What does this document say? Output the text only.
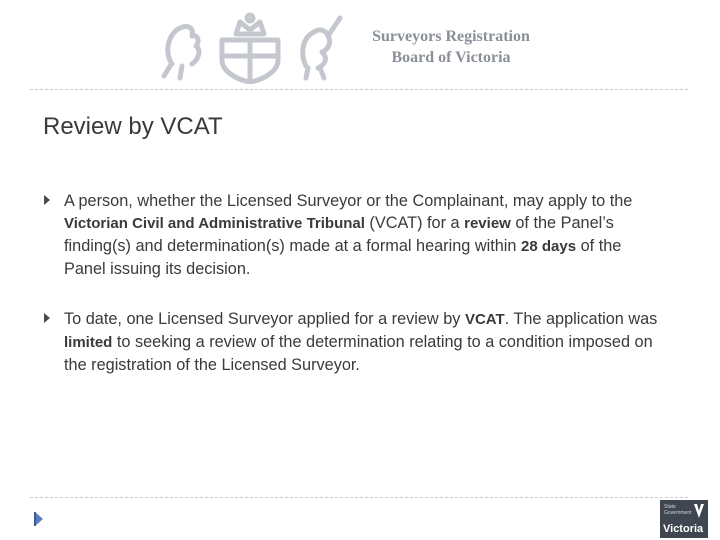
Surveyors Registration
Board of Victoria
Review by VCAT

A person, whether the Licensed Surveyor or the Complainant, may apply to the Victorian Civil and Administrative Tribunal (VCAT) for a review of the Panel’s finding(s) and determination(s) made at a formal hearing within 28 days of the Panel issuing its decision.

To date, one Licensed Surveyor applied for a review by VCAT. The application was limited to seeking a review of the determination relating to a condition imposed on the registration of the Licensed Surveyor.

State Government
Victoria
